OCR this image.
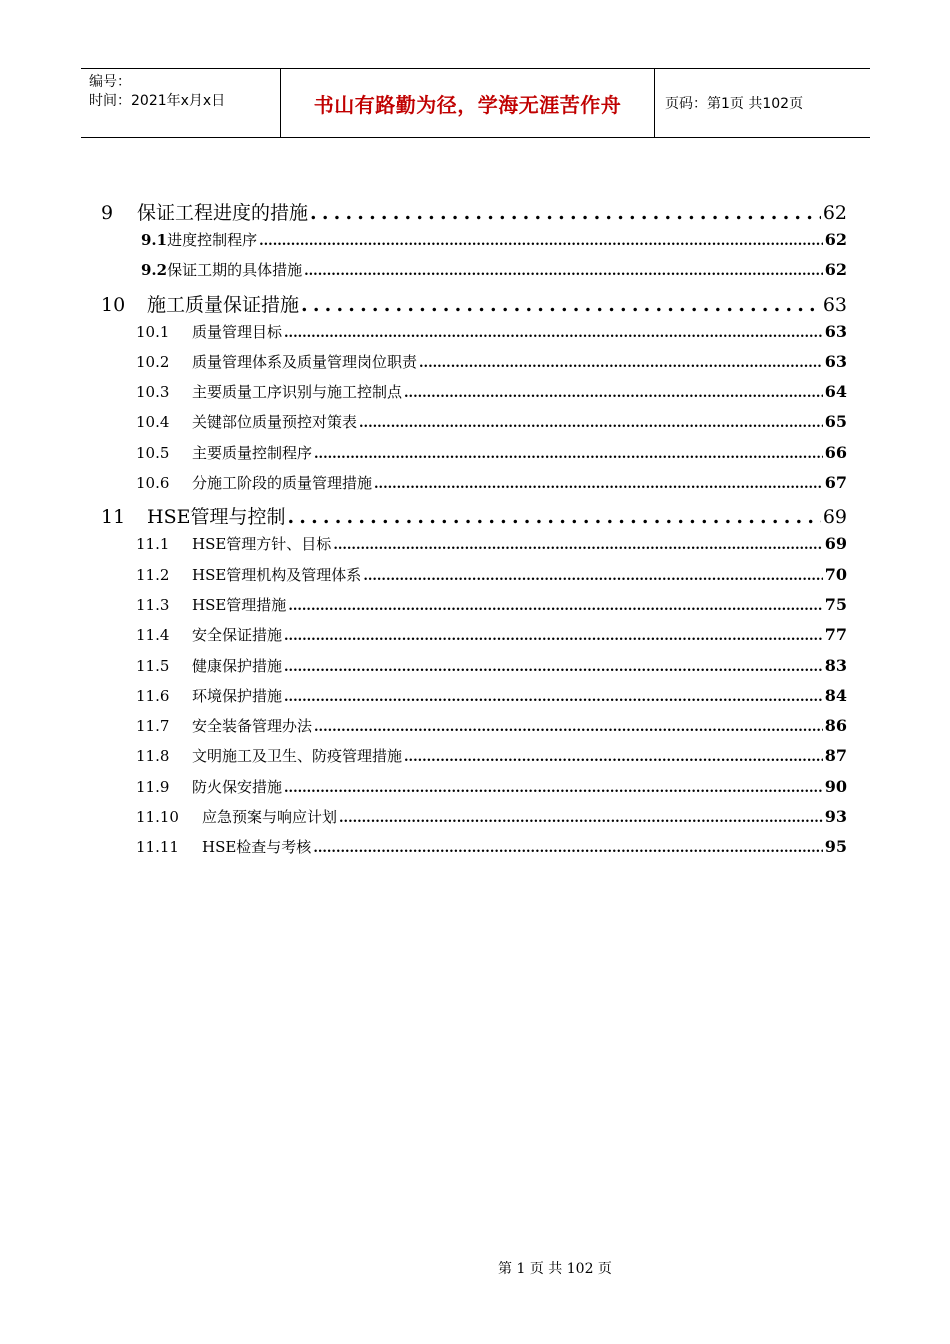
编号：
时间：2021年x月x日	书山有路勤为径，学海无涯苦作舟	页码：第1页 共102页
9	保证工程进度的措施 .....	62
9.1 进度控制程序 .....	62
9.2 保证工期的具体措施 .....	62
10	施工质量保证措施 .....	63
10.1	质量管理目标 .....	63
10.2	质量管理体系及质量管理岗位职责 .....	63
10.3	主要质量工序识别与施工控制点 .....	64
10.4	关键部位质量预控对策表 .....	65
10.5	主要质量控制程序 .....	66
10.6	分施工阶段的质量管理措施 .....	67
11	HSE管理与控制 .....	69
11.1	HSE管理方针、目标 .....	69
11.2	HSE管理机构及管理体系 .....	70
11.3	HSE管理措施 .....	75
11.4	安全保证措施 .....	77
11.5	健康保护措施 .....	83
11.6	环境保护措施 .....	84
11.7	安全装备管理办法 .....	86
11.8	文明施工及卫生、防疫管理措施 .....	87
11.9	防火保安措施 .....	90
11.10	应急预案与响应计划 .....	93
11.11	HSE检查与考核 .....	95
第 1 页 共 102 页
